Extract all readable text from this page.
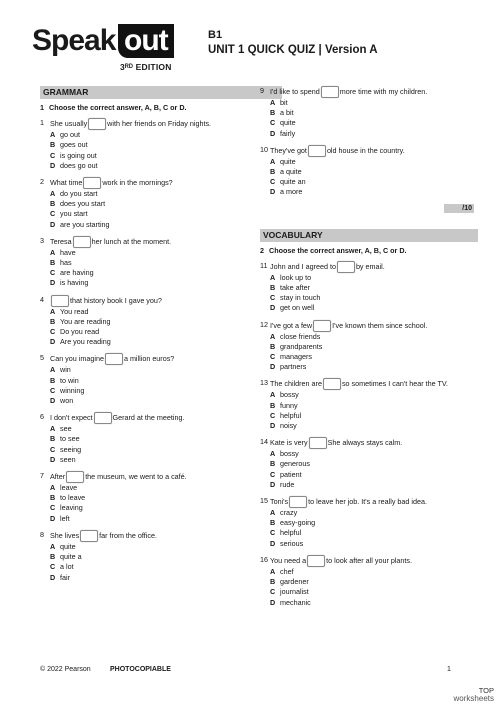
Speak out
3ᴿᴰ EDITION
B1
UNIT 1 QUICK QUIZ | Version A
GRAMMAR
1 Choose the correct answer, A, B, C or D.
1 She usually	with her friends on Friday nights.
A go out
B goes out
C is going out
D does go out
2 What time	work in the mornings?
A do you start
B does you start
C you start
D are you starting
3 Teresa	her lunch at the moment.
A have
B has
C are having
D is having
4	that history book I gave you?
A You read
B You are reading
C Do you read
D Are you reading
5 Can you imagine	a million euros?
A win
B to win
C winning
D won
6 I don't expect	Gerard at the meeting.
A see
B to see
C seeing
D seen
7 After	the museum, we went to a café.
A leave
B to leave
C leaving
D left
8 She lives	far from the office.
A quite
B quite a
C a lot
D fair
9 I'd like to spend	more time with my children.
A bit
B a bit
C quite
D fairly
10 They've got	old house in the country.
A quite
B a quite
C quite an
D a more
/10
VOCABULARY
2 Choose the correct answer, A, B, C or D.
11 John and I agreed to	by email.
A look up to
B take after
C stay in touch
D get on well
12 I've got a few	I've known them since school.
A close friends
B grandparents
C managers
D partners
13 The children are	so sometimes I can't hear the TV.
A bossy
B funny
C helpful
D noisy
14 Kate is very	She always stays calm.
A bossy
B generous
C patient
D rude
15 Toni's	to leave her job. It's a really bad idea.
A crazy
B easy-going
C helpful
D serious
16 You need a	to look after all your plants.
A chef
B gardener
C journalist
D mechanic
© 2022 Pearson	PHOTOCOPIABLE	1
TOP
worksheets
